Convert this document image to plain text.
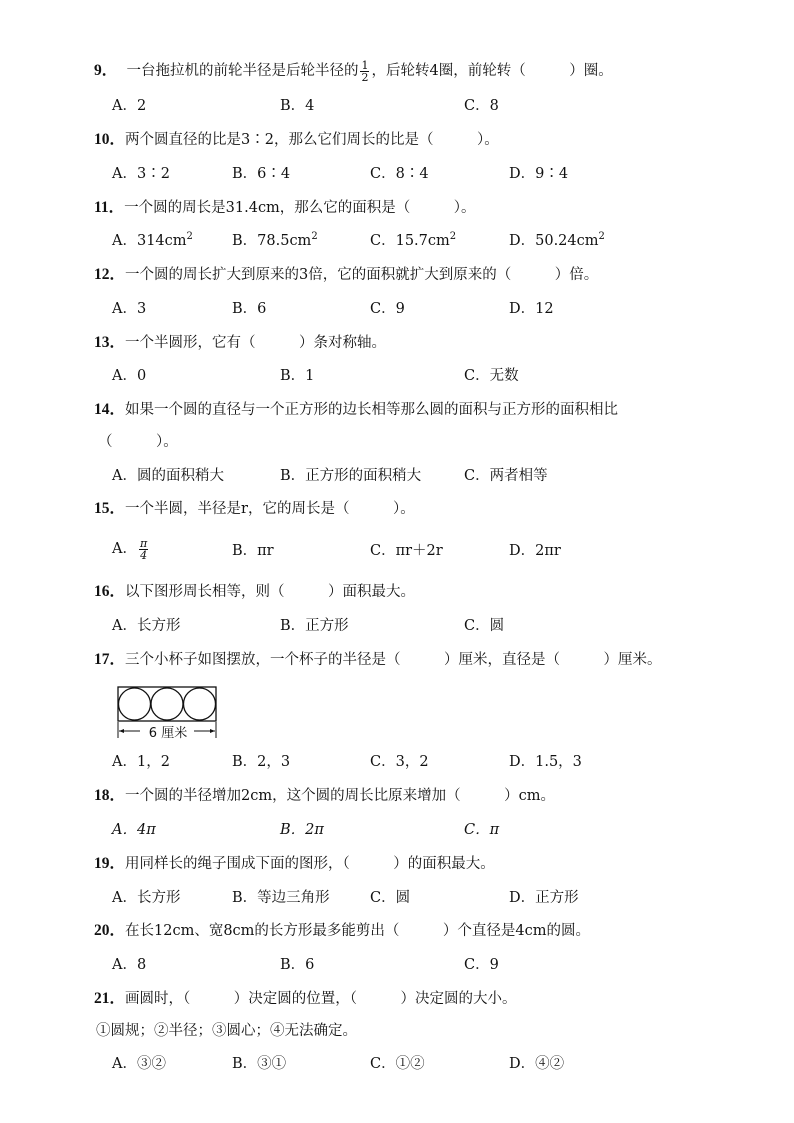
9． 一台拖拉机的前轮半径是后轮半径的 $\frac{1}{2}$ ，后轮转4圈，前轮转（　　　）圈。
A．2	B．4	C．8
10．两个圆直径的比是3∶2，那么它们周长的比是（　　　）。
A．3∶2	B．6∶4	C．8∶4	D．9∶4
11．一个圆的周长是31.4cm，那么它的面积是（　　　）。
A．$314cm^2$	B．$78.5cm^2$	C．$15.7cm^2$	D．$50.24cm^2$
12．一个圆的周长扩大到原来的3倍，它的面积就扩大到原来的（　　　）倍。
A．3	B．6	C．9	D．12
13．一个半圆形，它有（　　　）条对称轴。
A．0	B．1	C．无数
14．如果一个圆的直径与一个正方形的边长相等那么圆的面积与正方形的面积相比
（　　　）。
A．圆的面积稍大	B．正方形的面积稍大	C．两者相等
15．一个半圆，半径是r，它的周长是（　　　）。
A． $\frac{\pi}{4}$	B．πr	C．πr＋2r	D．2πr
16．以下图形周长相等，则（　　　）面积最大。
A．长方形	B．正方形	C．圆
17．三个小杯子如图摆放，一个杯子的半径是（　　　）厘米，直径是（　　　）厘米。
6 厘米
A．1，2	B．2，3	C．3，2	D．1.5，3
18．一个圆的半径增加2cm，这个圆的周长比原来增加（　　　）cm。
A．4π	B．2π	C．π
19．用同样长的绳子围成下面的图形，（　　　）的面积最大。
A．长方形	B．等边三角形	C．圆	D．正方形
20．在长12cm、宽8cm的长方形最多能剪出（　　　）个直径是4cm的圆。
A．8	B．6	C．9
21．画圆时，（　　　）决定圆的位置，（　　　）决定圆的大小。
①圆规；②半径；③圆心；④无法确定。
A．③②	B．③①	C．①②	D．④②
